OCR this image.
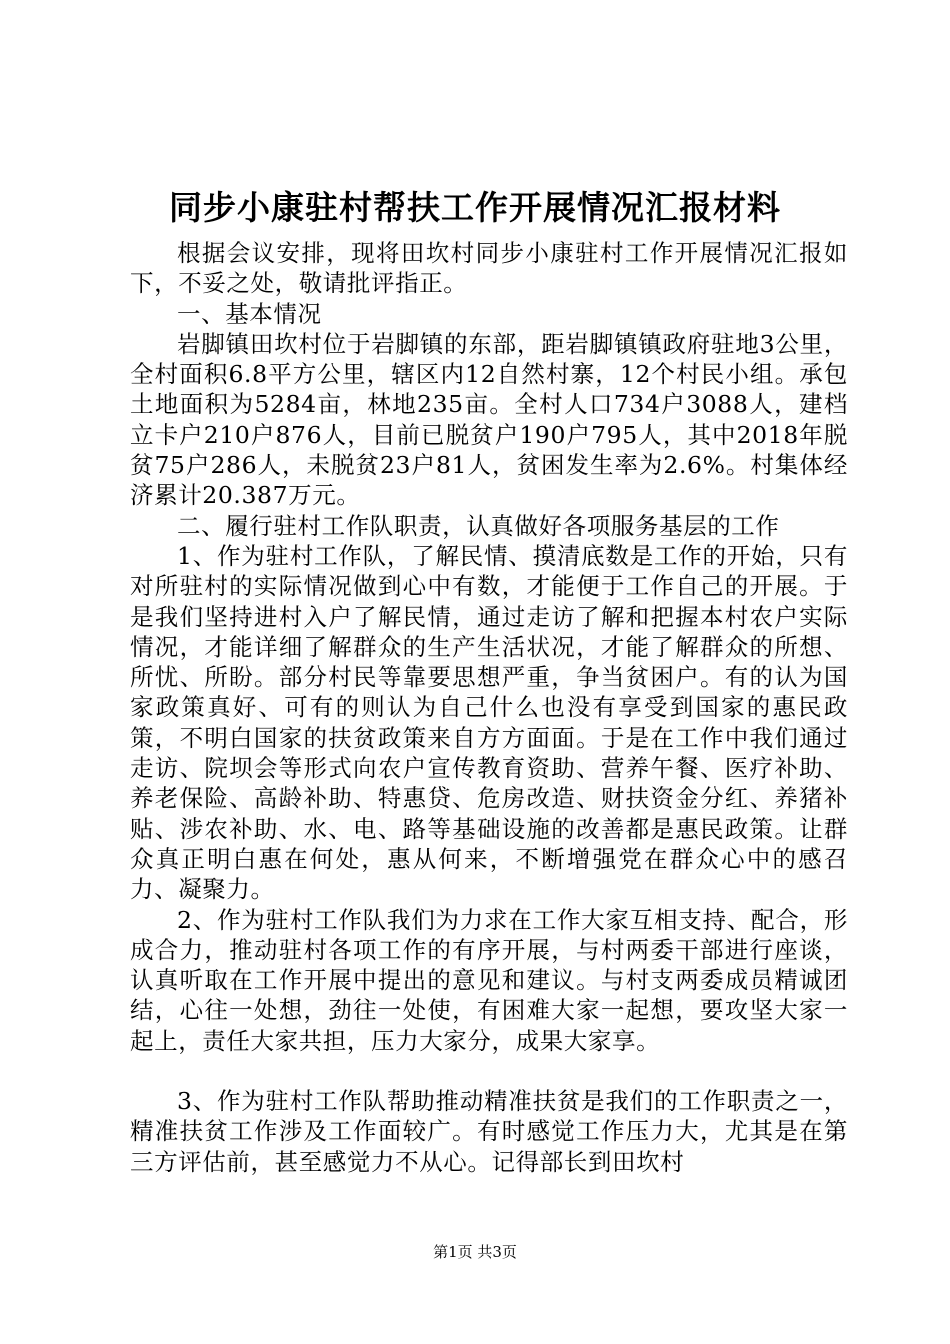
同步小康驻村帮扶工作开展情况汇报材料

根据会议安排，现将田坎村同步小康驻村工作开展情况汇报如下，不妥之处，敬请批评指正。

一、基本情况

岩脚镇田坎村位于岩脚镇的东部，距岩脚镇镇政府驻地3公里，全村面积6.8平方公里，辖区内12自然村寨，12个村民小组。承包土地面积为5284亩，林地235亩。全村人口734户3088人，建档立卡户210户876人，目前已脱贫户190户795人，其中2018年脱贫75户286人，未脱贫23户81人，贫困发生率为2.6%。村集体经济累计20.387万元。

二、履行驻村工作队职责，认真做好各项服务基层的工作

1、作为驻村工作队，了解民情、摸清底数是工作的开始，只有对所驻村的实际情况做到心中有数，才能便于工作自己的开展。于是我们坚持进村入户了解民情，通过走访了解和把握本村农户实际情况，才能详细了解群众的生产生活状况，才能了解群众的所想、所忧、所盼。部分村民等靠要思想严重，争当贫困户。有的认为国家政策真好、可有的则认为自己什么也没有享受到国家的惠民政策，不明白国家的扶贫政策来自方方面面。于是在工作中我们通过走访、院坝会等形式向农户宣传教育资助、营养午餐、医疗补助、养老保险、高龄补助、特惠贷、危房改造、财扶资金分红、养猪补贴、涉农补助、水、电、路等基础设施的改善都是惠民政策。让群众真正明白惠在何处，惠从何来，不断增强党在群众心中的感召力、凝聚力。

2、作为驻村工作队我们为力求在工作大家互相支持、配合，形成合力，推动驻村各项工作的有序开展，与村两委干部进行座谈，认真听取在工作开展中提出的意见和建议。与村支两委成员精诚团结，心往一处想，劲往一处使，有困难大家一起想，要攻坚大家一起上，责任大家共担，压力大家分，成果大家享。

3、作为驻村工作队帮助推动精准扶贫是我们的工作职责之一，精准扶贫工作涉及工作面较广。有时感觉工作压力大，尤其是在第三方评估前，甚至感觉力不从心。记得部长到田坎村

第1页 共3页
